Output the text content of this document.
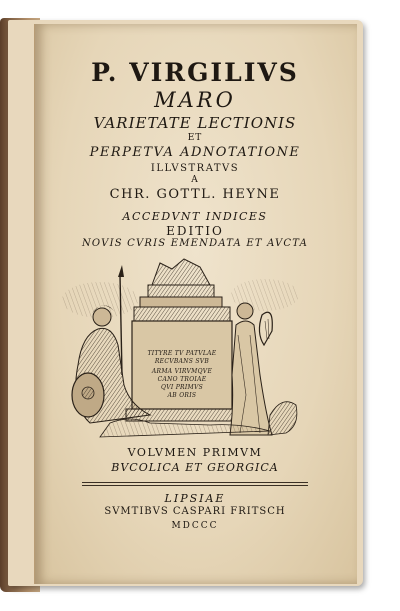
P. VIRGILIVS
MARO
VARIETATE LECTIONIS
ET
PERPETVA ADNOTATIONE
ILLVSTRATVS
A
CHR. GOTTL. HEYNE
ACCEDVNT INDICES
EDITIO
NOVIS CVRIS EMENDATA ET AVCTA
TITYRE TV PATVLAE
RECVBANS SVB
ARMA VIRVMQVE
CANO TROIAE
QVI PRIMVS
AB ORIS
VOLVMEN PRIMVM
BVCOLICA ET GEORGICA
LIPSIAE
SVMTIBVS CASPARI FRITSCH
MDCCC
